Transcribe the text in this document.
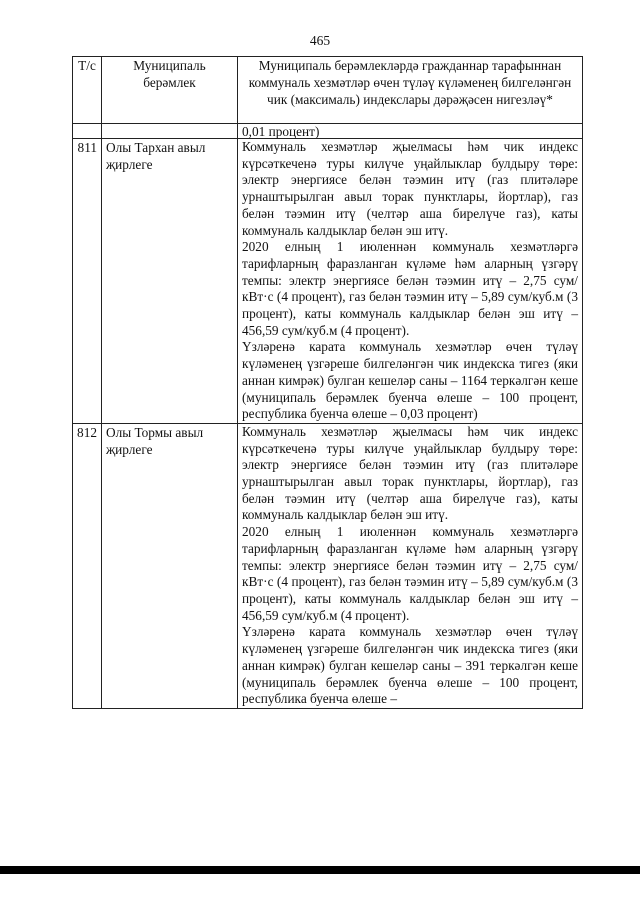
465
Т/с	Муниципаль берәмлек	Муниципаль берәмлекләрдә гражданнар тарафыннан коммуналь хезмәтләр өчен түләү күләменең билгеләнгән чик (максималь) индекслары дәрәҗәсен нигезләү*

		0,01 процент)

811	Олы Тархан авыл җирлеге	Коммуналь хезмәтләр җыелмасы һәм чик индекс күрсәткеченә туры килүче уңайлыклар булдыру төре: электр энергиясе белән тәэмин итү (газ плитәләре урнаштырылган авыл торак пунктлары, йортлар), газ белән тәэмин итү (челтәр аша бирелүче газ), каты коммуналь калдыклар белән эш итү.

2020 елның 1 июленнән коммуналь хезмәтләргә тарифларның фаразланган күләме һәм аларның үзгәрү темпы: электр энергиясе белән тәэмин итү – 2,75 сум/кВт·с (4 процент), газ белән тәэмин итү – 5,89 сум/куб.м (3 процент), каты коммуналь калдыклар белән эш итү – 456,59 сум/куб.м (4 процент).

Үзләренә карата коммуналь хезмәтләр өчен түләү күләменең үзгәреше билгеләнгән чик индекска тигез (яки аннан кимрәк) булган кешеләр саны – 1164 теркәлгән кеше (муниципаль берәмлек буенча өлеше – 100 процент, республика буенча өлеше – 0,03 процент)

812	Олы Тормы авыл җирлеге	Коммуналь хезмәтләр җыелмасы һәм чик индекс күрсәткеченә туры килүче уңайлыклар булдыру төре: электр энергиясе белән тәэмин итү (газ плитәләре урнаштырылган авыл торак пунктлары, йортлар), газ белән тәэмин итү (челтәр аша бирелүче газ), каты коммуналь калдыклар белән эш итү.

2020 елның 1 июленнән коммуналь хезмәтләргә тарифларның фаразланган күләме һәм аларның үзгәрү темпы: электр энергиясе белән тәэмин итү – 2,75 сум/кВт·с (4 процент), газ белән тәэмин итү – 5,89 сум/куб.м (3 процент), каты коммуналь калдыклар белән эш итү – 456,59 сум/куб.м (4 процент).

Үзләренә карата коммуналь хезмәтләр өчен түләү күләменең үзгәреше билгеләнгән чик индекска тигез (яки аннан кимрәк) булган кешеләр саны – 391 теркәлгән кеше (муниципаль берәмлек буенча өлеше – 100 процент, республика буенча өлеше –
